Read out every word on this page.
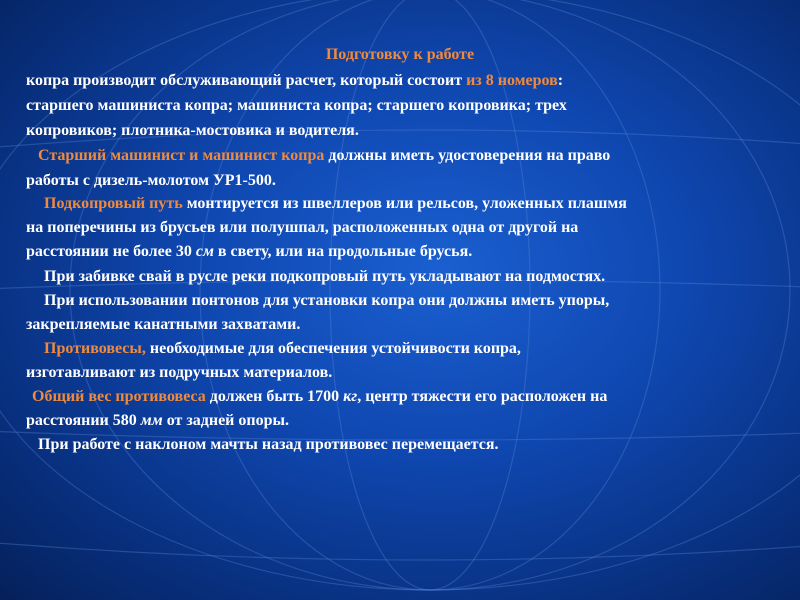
Подготовку к работе
копра производит обслуживающий расчет, который состоит из 8 номеров:
старшего машиниста копра; машиниста копра; старшего копровика; трех
копровиков; плотника-мостовика и водителя.
Старший машинист и машинист копра должны иметь удостоверения на право
работы с дизель-молотом УР1-500.
Подкопровый путь монтируется из швеллеров или рельсов, уложенных плашмя
на поперечины из брусьев или полушпал, расположенных одна от другой на
расстоянии не более 30 см в свету, или на продольные брусья.
При забивке свай в русле реки подкопровый путь укладывают на подмостях.
При использовании понтонов для установки копра они должны иметь упоры,
закрепляемые канатными захватами.
Противовесы, необходимые для обеспечения устойчивости копра,
изготавливают из подручных материалов.
Общий вес противовеса должен быть 1700 кг, центр тяжести его расположен на
расстоянии 580 мм от задней опоры.
При работе с наклоном мачты назад противовес перемещается.
